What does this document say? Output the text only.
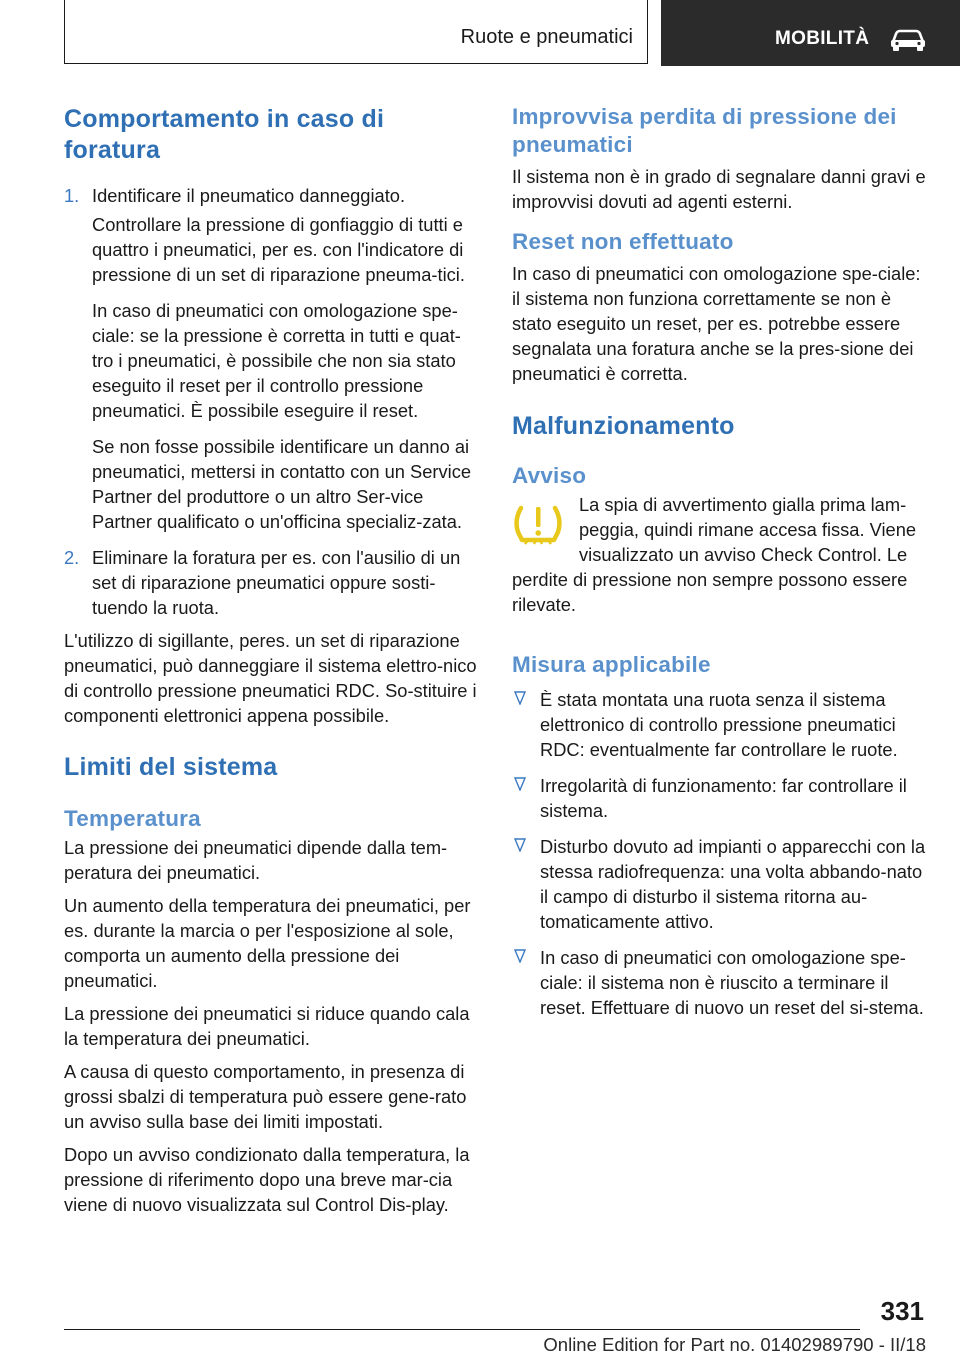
Ruote e pneumatici	MOBILITÀ
Comportamento in caso di foratura
1. Identificare il pneumatico danneggiato.

Controllare la pressione di gonfiaggio di tutti e quattro i pneumatici, per es. con l'indicatore di pressione di un set di riparazione pneuma-tici.

In caso di pneumatici con omologazione spe-ciale: se la pressione è corretta in tutti e quat-tro i pneumatici, è possibile che non sia stato eseguito il reset per il controllo pressione pneumatici. È possibile eseguire il reset.

Se non fosse possibile identificare un danno ai pneumatici, mettersi in contatto con un Service Partner del produttore o un altro Ser-vice Partner qualificato o un'officina specializ-zata.

2. Eliminare la foratura per es. con l'ausilio di un set di riparazione pneumatici oppure sosti-tuendo la ruota.

L'utilizzo di sigillante, peres. un set di riparazione pneumatici, può danneggiare il sistema elettro-nico di controllo pressione pneumatici RDC. So-stituire i componenti elettronici appena possibile.

Limiti del sistema
Temperatura

La pressione dei pneumatici dipende dalla tem-peratura dei pneumatici.

Un aumento della temperatura dei pneumatici, per es. durante la marcia o per l'esposizione al sole, comporta un aumento della pressione dei pneumatici.

La pressione dei pneumatici si riduce quando cala la temperatura dei pneumatici.

A causa di questo comportamento, in presenza di grossi sbalzi di temperatura può essere gene-rato un avviso sulla base dei limiti impostati.

Dopo un avviso condizionato dalla temperatura, la pressione di riferimento dopo una breve mar-cia viene di nuovo visualizzata sul Control Dis-play.

Improvvisa perdita di pressione dei pneumatici

Il sistema non è in grado di segnalare danni gravi e improvvisi dovuti ad agenti esterni.

Reset non effettuato

In caso di pneumatici con omologazione spe-ciale: il sistema non funziona correttamente se non è stato eseguito un reset, per es. potrebbe essere segnalata una foratura anche se la pres-sione dei pneumatici è corretta.

Malfunzionamento
Avviso

La spia di avvertimento gialla prima lam-peggia, quindi rimane accesa fissa. Viene visualizzato un avviso Check Control. Le

perdite di pressione non sempre possono essere rilevate.

Misura applicabile

È stata montata una ruota senza il sistema elettronico di controllo pressione pneumatici RDC: eventualmente far controllare le ruote.

Irregolarità di funzionamento: far controllare il sistema.

Disturbo dovuto ad impianti o apparecchi con la stessa radiofrequenza: una volta abbando-nato il campo di disturbo il sistema ritorna au-tomaticamente attivo.

In caso di pneumatici con omologazione spe-ciale: il sistema non è riuscito a terminare il reset. Effettuare di nuovo un reset del si-stema.

331
Online Edition for Part no. 01402989790 - II/18
